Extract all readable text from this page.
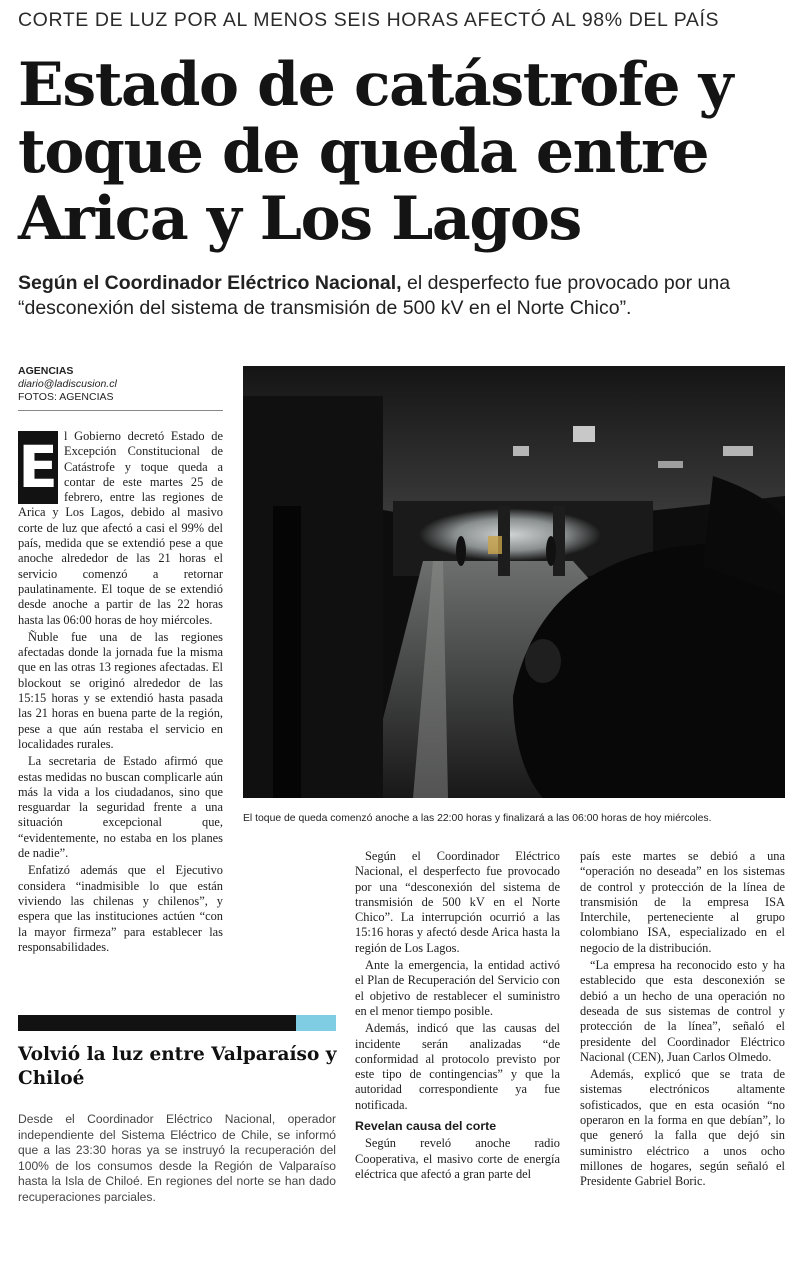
CORTE DE LUZ POR AL MENOS SEIS HORAS AFECTÓ AL 98% DEL PAÍS
Estado de catástrofe y
toque de queda entre
Arica y Los Lagos

Según el Coordinador Eléctrico Nacional, el desperfecto fue provocado por una “desconexión del sistema de transmisión de 500 kV en el Norte Chico”.

AGENCIAS
diario@ladiscusion.cl
FOTOS: AGENCIAS

E l Gobierno decretó Estado de Excepción Constitucional de Catástrofe y toque queda a contar de este martes 25 de febrero, entre las regiones de Arica y Los Lagos, debido al masivo corte de luz que afectó a casi el 99% del país, medida que se extendió pese a que anoche alrededor de las 21 horas el servicio comenzó a retornar paulatinamente. El toque de se extendió desde anoche a partir de las 22 horas hasta las 06:00 horas de hoy miércoles.

Ñuble fue una de las regiones afectadas donde la jornada fue la misma que en las otras 13 regiones afectadas. El blockout se originó alrededor de las 15:15 horas y se extendió hasta pasada las 21 horas en buena parte de la región, pese a que aún restaba el servicio en localidades rurales.

La secretaria de Estado afirmó que estas medidas no buscan complicarle aún más la vida a los ciudadanos, sino que resguardar la seguridad frente a una situación excepcional que, “evidentemente, no estaba en los planes de nadie”.

Enfatizó además que el Ejecutivo considera “inadmisible lo que están viviendo las chilenas y chilenos”, y espera que las instituciones actúen “con la mayor firmeza” para establecer las responsabilidades.

El toque de queda comenzó anoche a las 22:00 horas y finalizará a las 06:00 horas de hoy miércoles.
Volvió la luz entre Valparaíso y Chiloé

Desde el Coordinador Eléctrico Nacional, operador independiente del Sistema Eléctrico de Chile, se informó que a las 23:30 horas ya se instruyó la recuperación del 100% de los consumos desde la Región de Valparaíso hasta la Isla de Chiloé. En regiones del norte se han dado recuperaciones parciales.

Según el Coordinador Eléctrico Nacional, el desperfecto fue provocado por una “desconexión del sistema de transmisión de 500 kV en el Norte Chico”. La interrupción ocurrió a las 15:16 horas y afectó desde Arica hasta la región de Los Lagos.

Ante la emergencia, la entidad activó el Plan de Recuperación del Servicio con el objetivo de restablecer el suministro en el menor tiempo posible.

Además, indicó que las causas del incidente serán analizadas “de conformidad al protocolo previsto por este tipo de contingencias” y que la autoridad correspondiente ya fue notificada.

Revelan causa del corte

Según reveló anoche radio Cooperativa, el masivo corte de energía eléctrica que afectó a gran parte del

país este martes se debió a una “operación no deseada” en los sistemas de control y protección de la línea de transmisión de la empresa ISA Interchile, perteneciente al grupo colombiano ISA, especializado en el negocio de la distribución.

“La empresa ha reconocido esto y ha establecido que esta desconexión se debió a un hecho de una operación no deseada de sus sistemas de control y protección de la línea”, señaló el presidente del Coordinador Eléctrico Nacional (CEN), Juan Carlos Olmedo.

Además, explicó que se trata de sistemas electrónicos altamente sofisticados, que en esta ocasión “no operaron en la forma en que debían”, lo que generó la falla que dejó sin suministro eléctrico a unos ocho millones de hogares, según señaló el Presidente Gabriel Boric.
